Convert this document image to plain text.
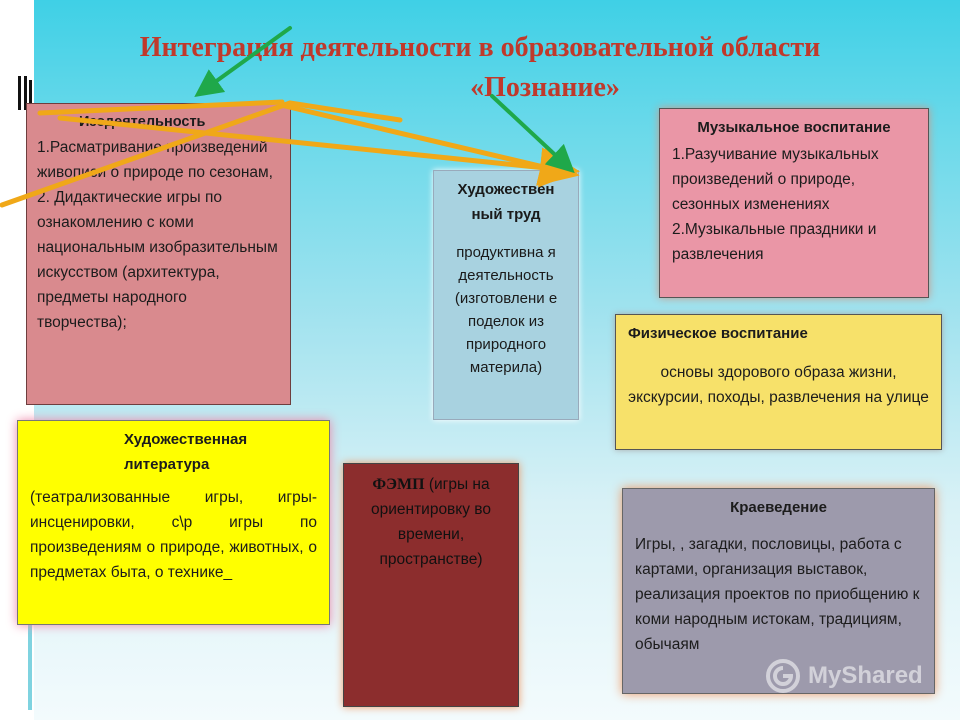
Интеграция деятельности в образовательной области
«Познание»
Изодеятельность
1.Расматривание произведений живописи о природе по сезонам,
2. Дидактические игры по ознакомлению с коми национальным изобразительным искусством (архитектура, предметы народного творчества);
Художествен ный труд
продуктивна я деятельность (изготовлени е поделок из природного материла)
Музыкальное воспитание
1.Разучивание музыкальных произведений о природе, сезонных изменениях
2.Музыкальные праздники и развлечения
Физическое воспитание
основы здорового образа жизни, экскурсии, походы, развлечения на улице
Художественная литература
(театрализованные игры, игры-инсценировки, с\р игры по произведениям о природе, животных, о предметах быта, о технике_
ФЭМП (игры на ориентировку во времени, пространстве)
Краеведение
Игры, , загадки, пословицы, работа с картами, организация выставок, реализация проектов по приобщению к коми народным истокам, традициям, обычаям
MyShared
